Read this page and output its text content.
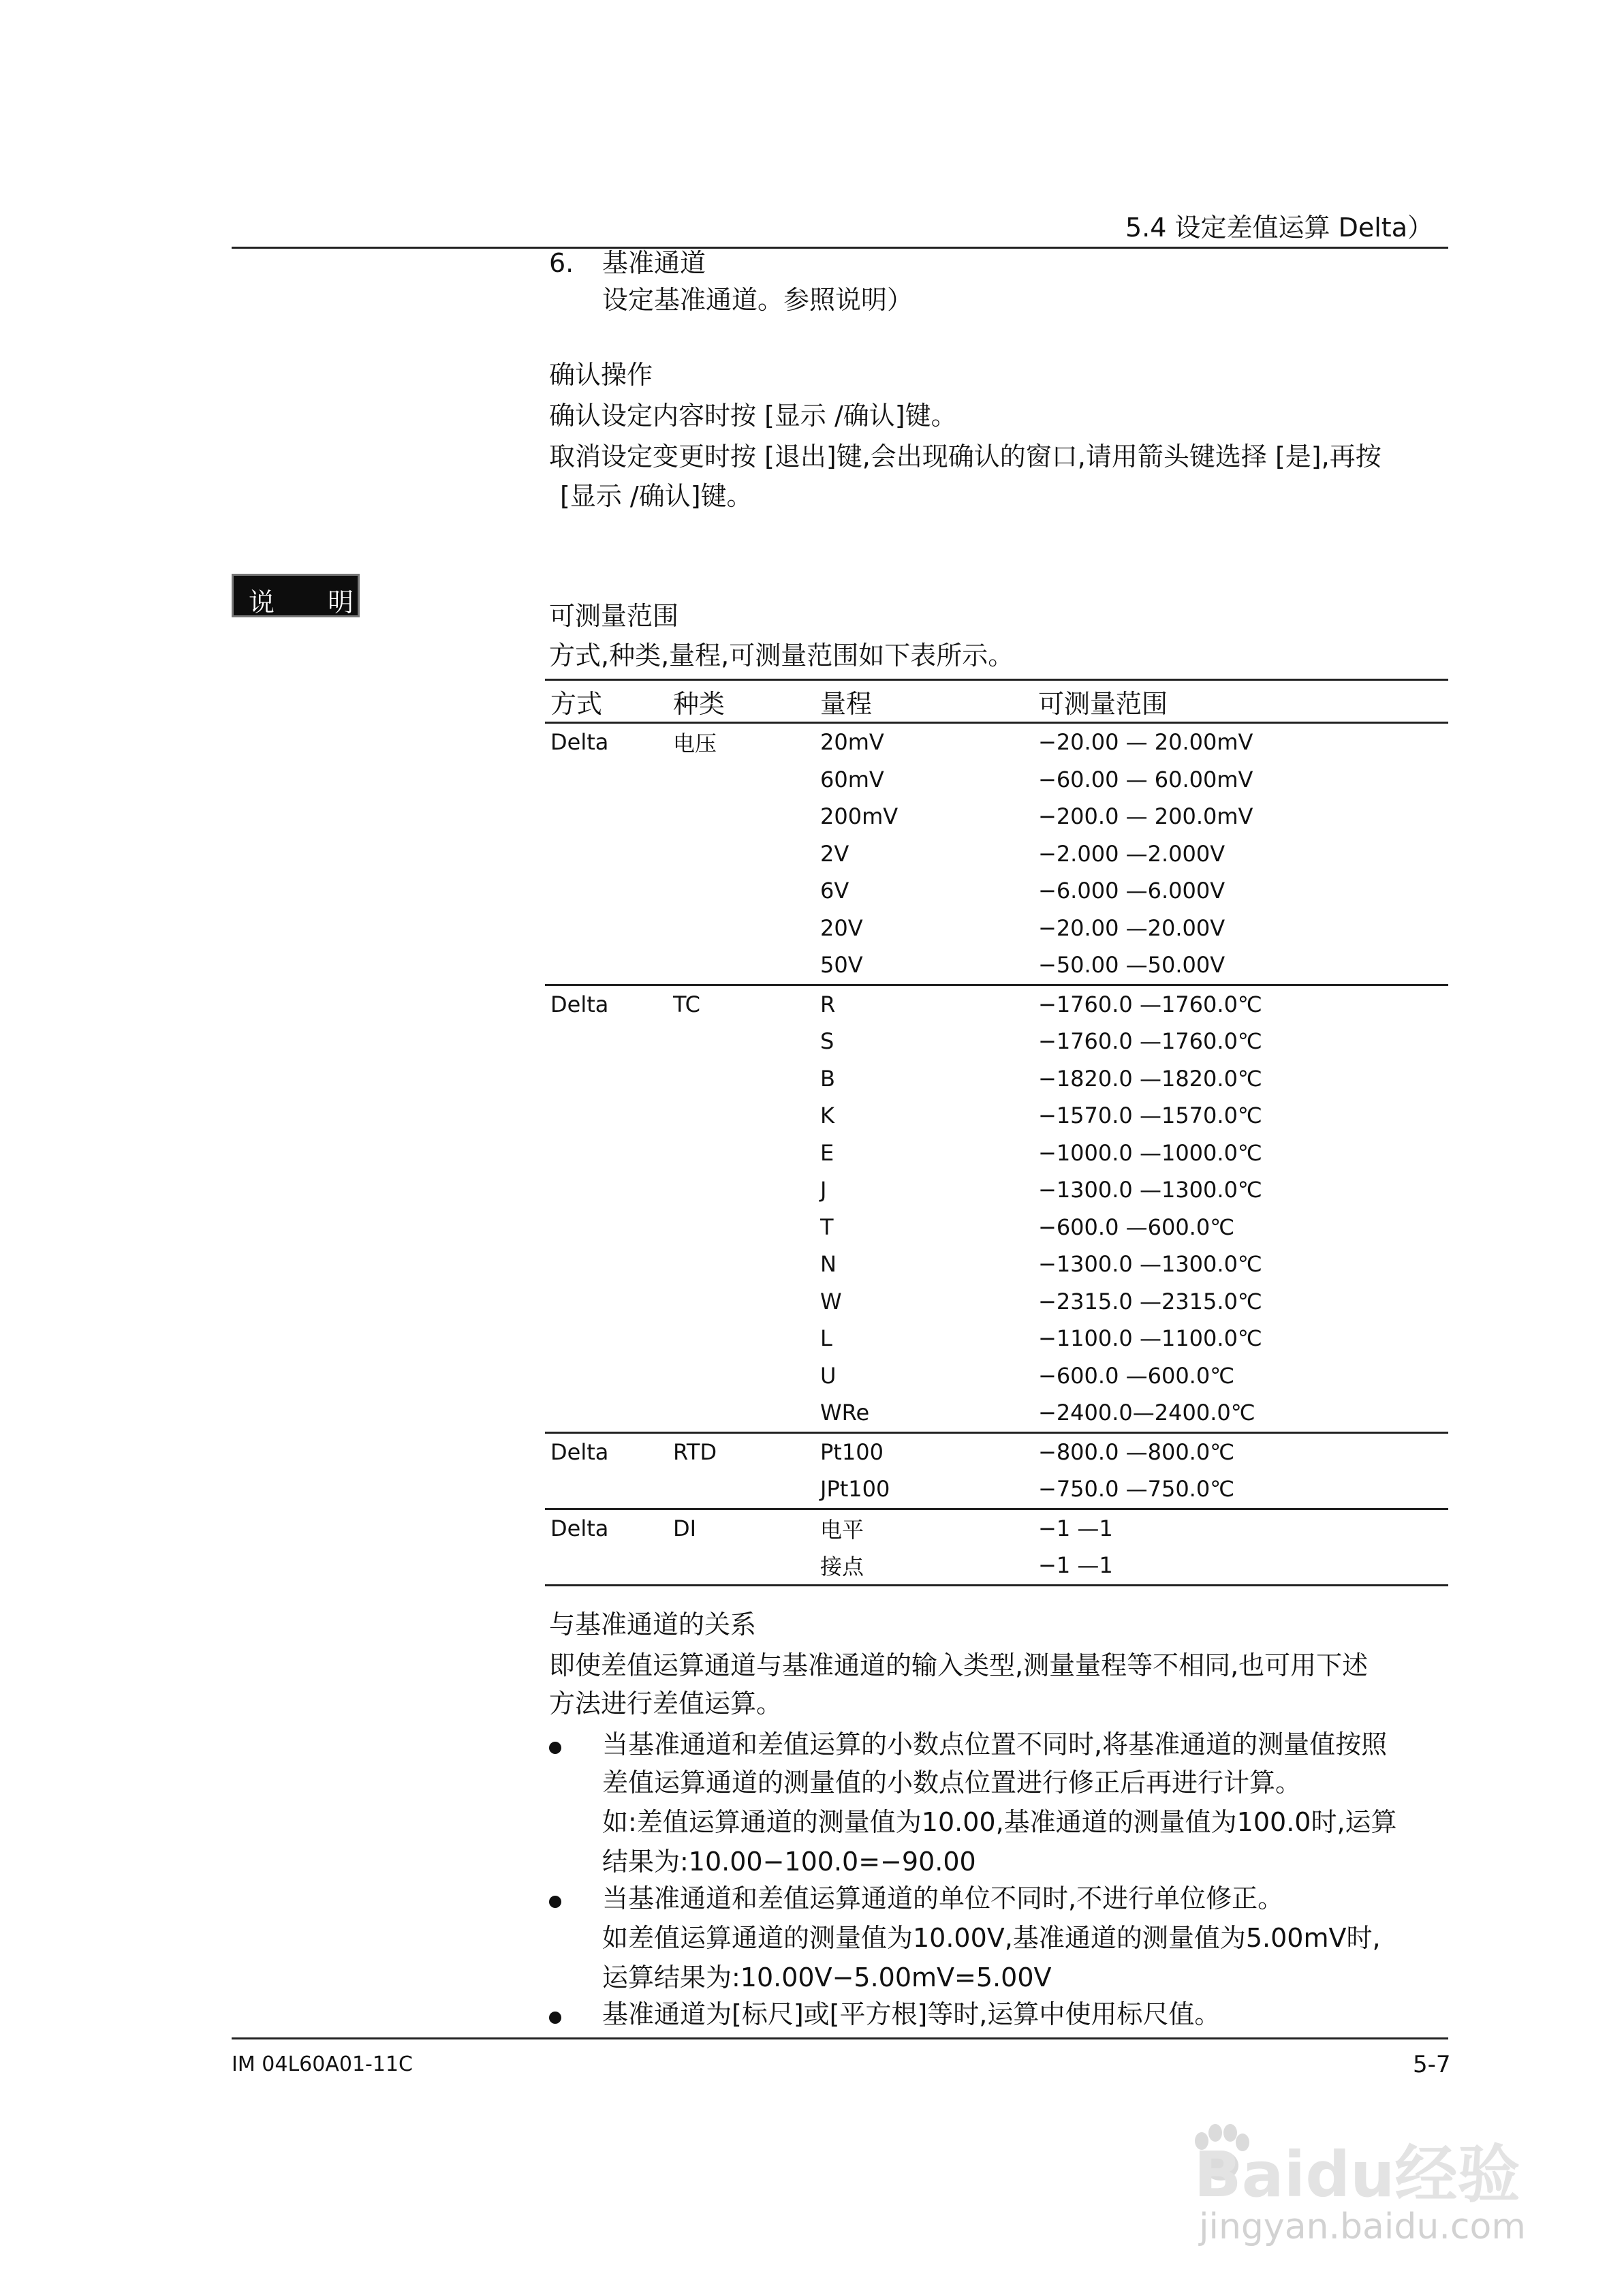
5.4 设定差值运算 Delta）
6. 基准通道
设定基准通道。参照说明）
确认操作
确认设定内容时按 [显示 /确认]键。
取消设定变更时按 [退出]键,会出现确认的窗口,请用箭头键选择 [是],再按
[显示 /确认]键。
说 明	可测量范围
方式,种类,量程,可测量范围如下表所示。
方式	种类	量程	可测量范围
Delta	电压	20mV	−20.00 — 20.00mV
		60mV	−60.00 — 60.00mV
		200mV	−200.0 — 200.0mV
		2V	−2.000 —2.000V
		6V	−6.000 —6.000V
		20V	−20.00 —20.00V
		50V	−50.00 —50.00V
Delta	TC	R	−1760.0 —1760.0℃
		S	−1760.0 —1760.0℃
		B	−1820.0 —1820.0℃
		K	−1570.0 —1570.0℃
		E	−1000.0 —1000.0℃
		J	−1300.0 —1300.0℃
		T	−600.0 —600.0℃
		N	−1300.0 —1300.0℃
		W	−2315.0 —2315.0℃
		L	−1100.0 —1100.0℃
		U	−600.0 —600.0℃
		WRe	−2400.0—2400.0℃
Delta	RTD	Pt100	−800.0 —800.0℃
		JPt100	−750.0 —750.0℃
Delta	DI	电平	−1 —1
		接点	−1 —1
与基准通道的关系
即使差值运算通道与基准通道的输入类型,测量量程等不相同,也可用下述
方法进行差值运算。
当基准通道和差值运算的小数点位置不同时,将基准通道的测量值按照
差值运算通道的测量值的小数点位置进行修正后再进行计算。
如:差值运算通道的测量值为10.00,基准通道的测量值为100.0时,运算
结果为:10.00−100.0=−90.00
当基准通道和差值运算通道的单位不同时,不进行单位修正。
如差值运算通道的测量值为10.00V,基准通道的测量值为5.00mV时,
运算结果为:10.00V−5.00mV=5.00V
基准通道为[标尺]或[平方根]等时,运算中使用标尺值。
IM 04L60A01-11C	5-7
Baidu经验
jingyan.baidu.com
